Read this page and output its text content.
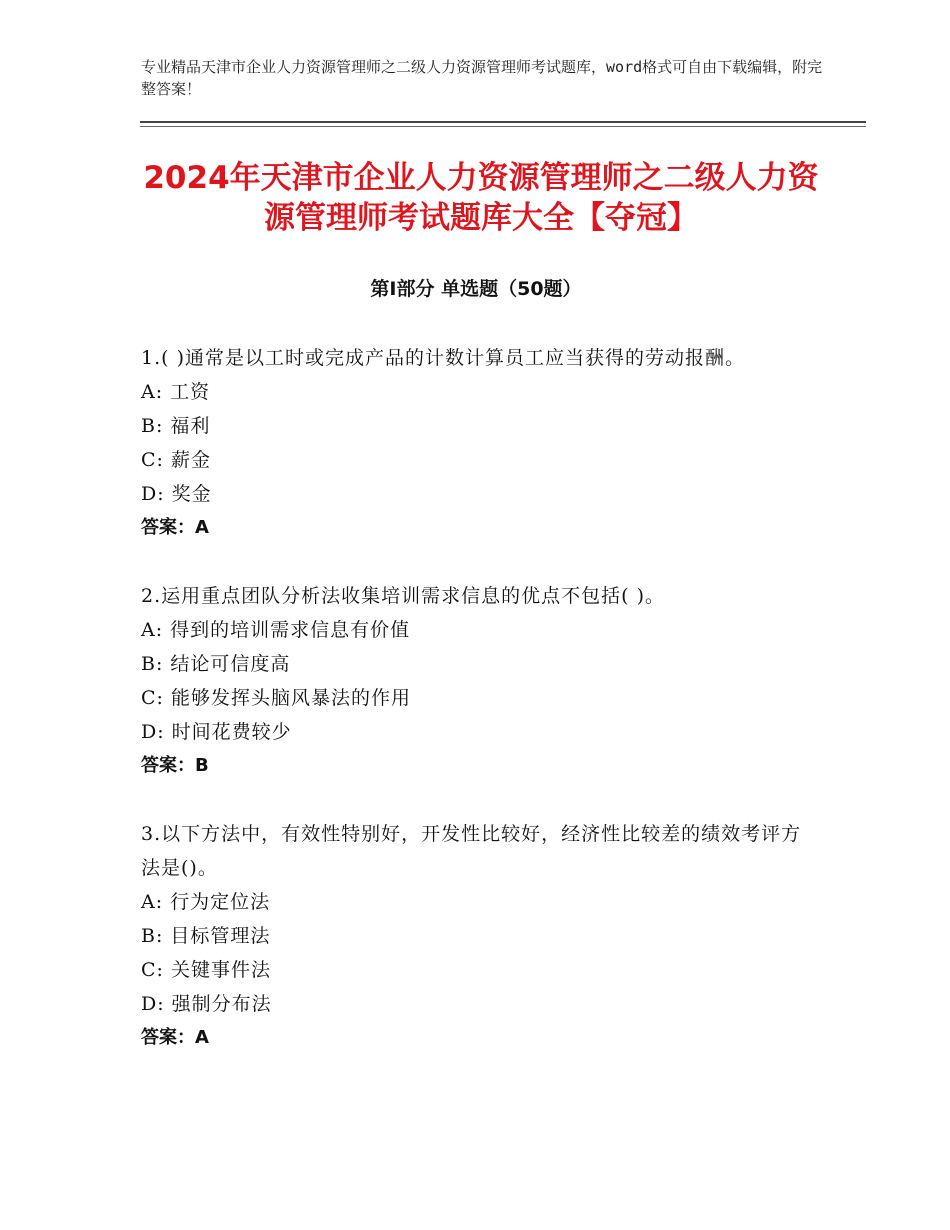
专业精品天津市企业人力资源管理师之二级人力资源管理师考试题库，word格式可自由下载编辑，附完整答案！
2024年天津市企业人力资源管理师之二级人力资源管理师考试题库大全【夺冠】
第I部分 单选题（50题）
1.( )通常是以工时或完成产品的计数计算员工应当获得的劳动报酬。
A: 工资
B: 福利
C: 薪金
D: 奖金
答案：A
2.运用重点团队分析法收集培训需求信息的优点不包括( )。
A: 得到的培训需求信息有价值
B: 结论可信度高
C: 能够发挥头脑风暴法的作用
D: 时间花费较少
答案：B
3.以下方法中，有效性特别好，开发性比较好，经济性比较差的绩效考评方法是()。
A: 行为定位法
B: 目标管理法
C: 关键事件法
D: 强制分布法
答案：A
